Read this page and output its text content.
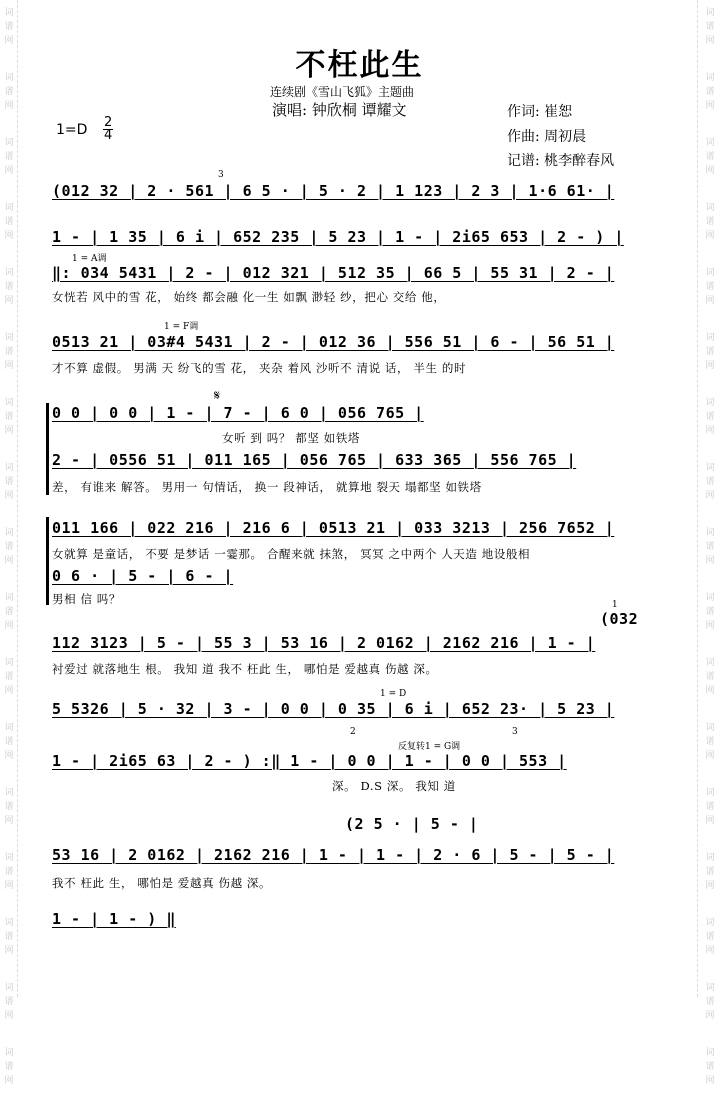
词
谱
网
词
谱
网
词
谱
网
词
谱
网
词
谱
网
词
谱
网
词
谱
网
词
谱
网
词
谱
网
词
谱
网
词
谱
网
词
谱
网
词
谱
网
词
谱
网
词
谱
网
词
谱
网
词
谱
网
词
谱
网
词
谱
网
词
谱
网
词
谱
网
词
谱
网
词
谱
网
词
谱
网
词
谱
网
词
谱
网
词
谱
网
词
谱
网
词
谱
网
词
谱
网
词
谱
网
词
谱
网
词
谱
网
词
谱
网
不枉此生
连续剧《雪山飞狐》主题曲
演唱: 钟欣桐 谭耀文	作词: 崔恕
作曲: 周初晨
记谱: 桃李醉春风
1=D 2
4
3
1 = A调
1 = F调
𝄋
1
1 = D
2	3
反复转1 = G调
(012 32 | 2 · 561 | 6 5 · | 5 · 2 | 1 123 | 2 3 | 1·6 61· |
1 - | 1 35 | 6 i | 652 235 | 5 23 | 1 - | 2i65 653 | 2 - ) |
‖: 034 5431 | 2 - | 012 321 | 512 35 | 66 5 | 55 31 | 2 - |
女恍若 风中的雪 花， 始终 都会融 化一生 如飘 渺轻 纱，把心 交给 他，
0513 21 | 03#4 5431 | 2 - | 012 36 | 556 51 | 6 - | 56 51 |
才不算 虚假。 男满 天 纷飞的雪 花， 夹杂 着风 沙听不 清说 话， 半生 的时
0 0 | 0 0 | 1 - | 7 - | 6 0 | 056 765 |
女听 到 吗？ 都坚 如铁塔
2 - | 0556 51 | 011 165 | 056 765 | 633 365 | 556 765 |
差， 有谁来 解答。 男用一 句情话， 换一 段神话， 就算地 裂天 塌都坚 如铁塔
011 166 | 022 216 | 216 6 | 0513 21 | 033 3213 | 256 7652 |
女就算 是童话， 不要 是梦话 一霎那。 合醒来就 抹煞， 冥冥 之中两个 人天造 地设般相
0 6 · | 5 - | 6 - |
男相 信 吗？
(032
112 3123 | 5 - | 55 3 | 53 16 | 2 0162 | 2162 216 | 1 - |
衬爱过 就落地生 根。 我知 道 我不 枉此 生， 哪怕是 爱越真 伤越 深。
5 5326 | 5 · 32 | 3 - | 0 0 | 0 35 | 6 i | 652 23· | 5 23 |
1 - | 2i65 63 | 2 - ) :‖ 1 - | 0 0 | 1 - | 0 0 | 553 |
深。 D.S 深。 我知 道
(2 5 · | 5 - |
53 16 | 2 0162 | 2162 216 | 1 - | 1 - | 2 · 6 | 5 - | 5 - |
我不 枉此 生， 哪怕是 爱越真 伤越 深。
1 - | 1 - ) ‖
